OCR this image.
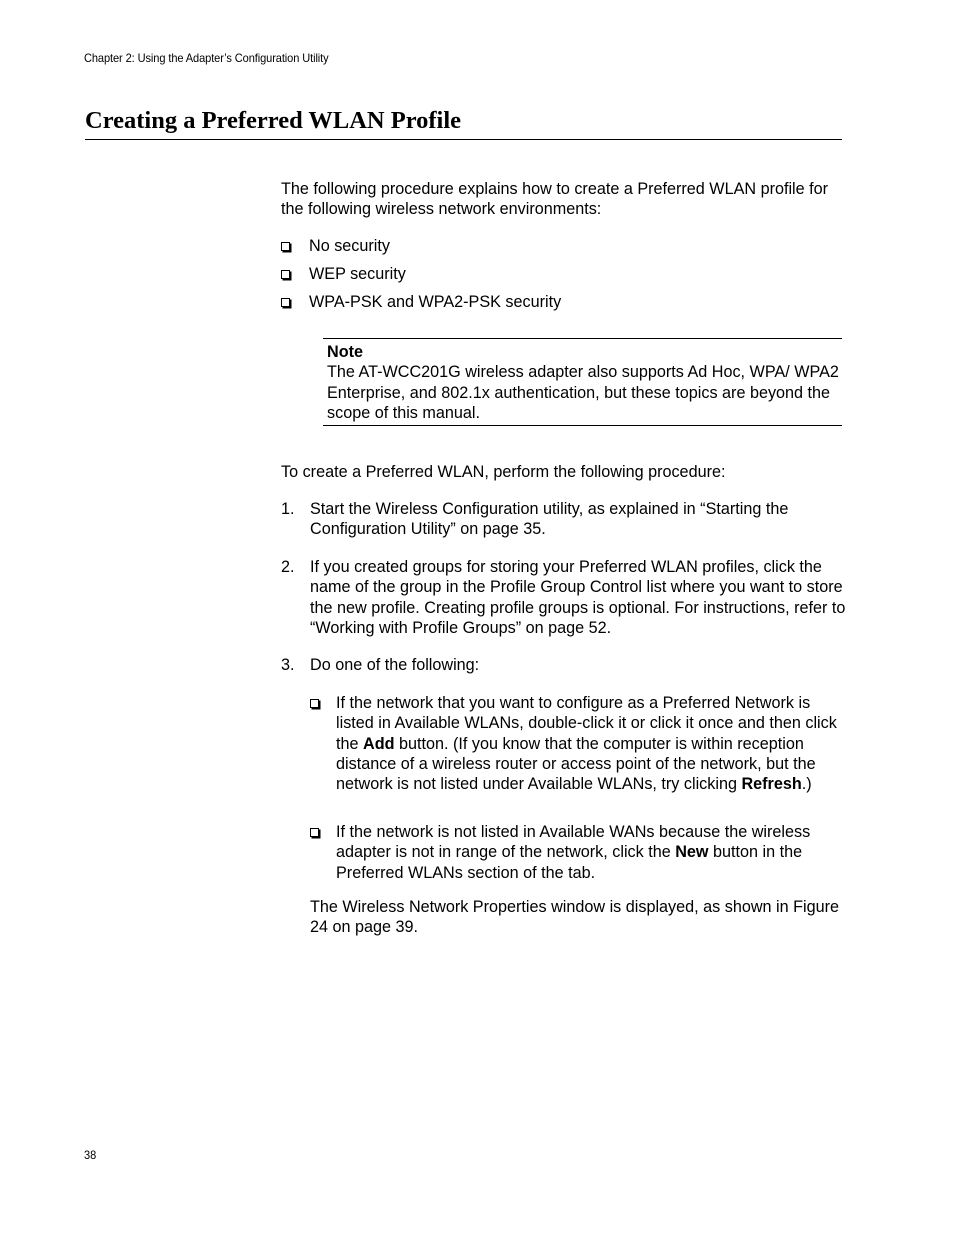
Chapter 2: Using the Adapter’s Configuration Utility
Creating a Preferred WLAN Profile

The following procedure explains how to create a Preferred WLAN profile for the following wireless network environments:

No security
WEP security
WPA-PSK and WPA2-PSK security
Note
The AT-WCC201G wireless adapter also supports Ad Hoc, WPA/ WPA2 Enterprise, and 802.1x authentication, but these topics are beyond the scope of this manual.

To create a Preferred WLAN, perform the following procedure:

1. Start the Wireless Configuration utility, as explained in “Starting the Configuration Utility” on page 35.
2. If you created groups for storing your Preferred WLAN profiles, click the name of the group in the Profile Group Control list where you want to store the new profile. Creating profile groups is optional. For instructions, refer to “Working with Profile Groups” on page 52.
3. Do one of the following:
If the network that you want to configure as a Preferred Network is listed in Available WLANs, double-click it or click it once and then click the Add button. (If you know that the computer is within reception distance of a wireless router or access point of the network, but the network is not listed under Available WLANs, try clicking Refresh.)
If the network is not listed in Available WANs because the wireless adapter is not in range of the network, click the New button in the Preferred WLANs section of the tab.

The Wireless Network Properties window is displayed, as shown in Figure 24 on page 39.

38
